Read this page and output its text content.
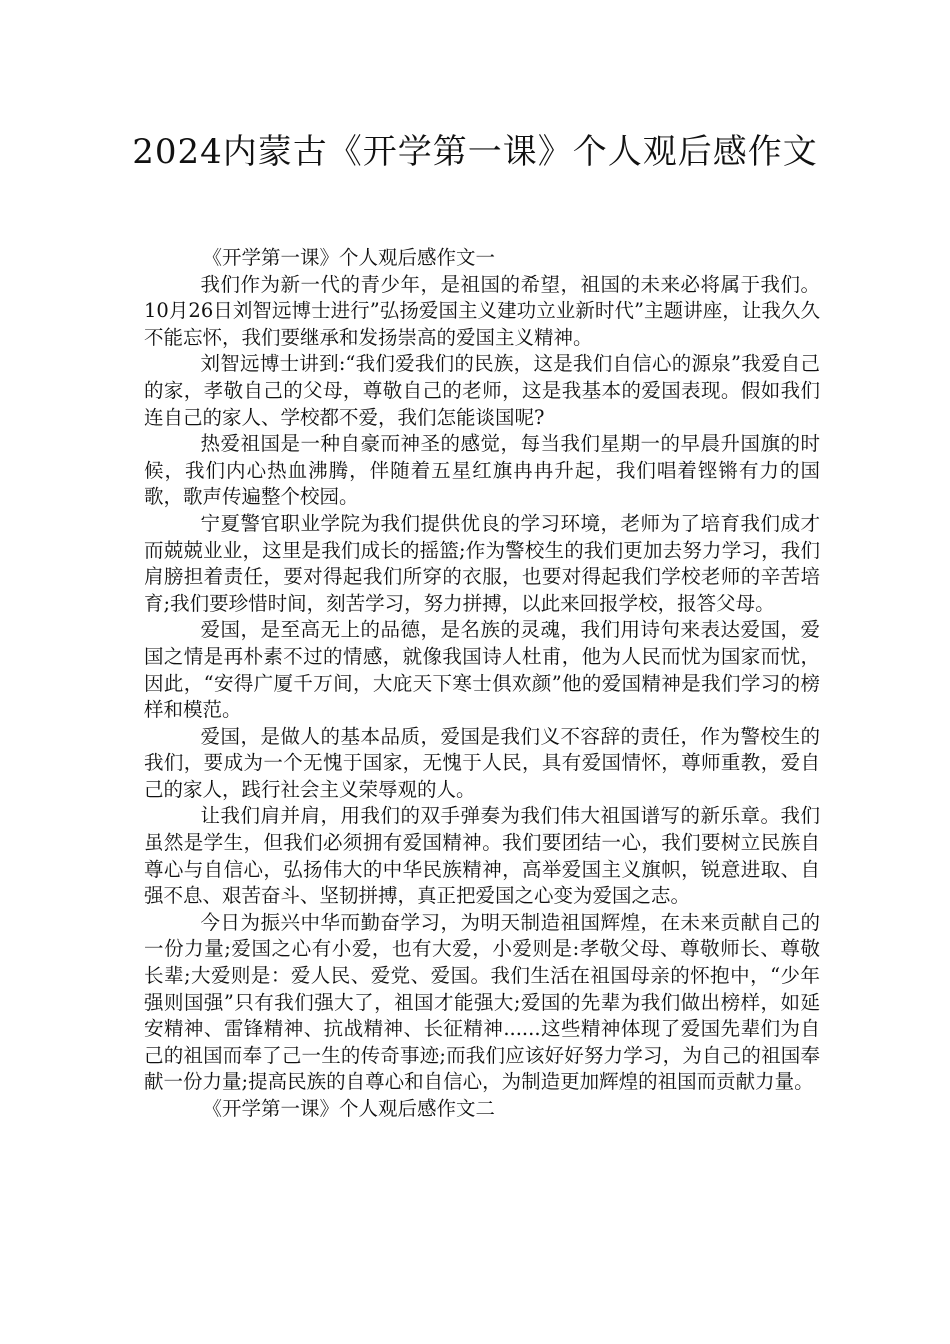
2024内蒙古《开学第一课》个人观后感作文

《开学第一课》个人观后感作文一

我们作为新一代的青少年，是祖国的希望，祖国的未来必将属于我们。10月26日刘智远博士进行”弘扬爱国主义建功立业新时代”主题讲座，让我久久不能忘怀，我们要继承和发扬崇高的爱国主义精神。

刘智远博士讲到:“我们爱我们的民族，这是我们自信心的源泉”我爱自己的家，孝敬自己的父母，尊敬自己的老师，这是我基本的爱国表现。假如我们连自己的家人、学校都不爱，我们怎能谈国呢?

热爱祖国是一种自豪而神圣的感觉，每当我们星期一的早晨升国旗的时候，我们内心热血沸腾，伴随着五星红旗冉冉升起，我们唱着铿锵有力的国歌，歌声传遍整个校园。

宁夏警官职业学院为我们提供优良的学习环境，老师为了培育我们成才而兢兢业业，这里是我们成长的摇篮;作为警校生的我们更加去努力学习，我们肩膀担着责任，要对得起我们所穿的衣服，也要对得起我们学校老师的辛苦培育;我们要珍惜时间，刻苦学习，努力拼搏，以此来回报学校，报答父母。

爱国，是至高无上的品德，是名族的灵魂，我们用诗句来表达爱国，爱国之情是再朴素不过的情感，就像我国诗人杜甫，他为人民而忧为国家而忧，因此，“安得广厦千万间，大庇天下寒士俱欢颜”他的爱国精神是我们学习的榜样和模范。

爱国，是做人的基本品质，爱国是我们义不容辞的责任，作为警校生的我们，要成为一个无愧于国家，无愧于人民，具有爱国情怀，尊师重教，爱自己的家人，践行社会主义荣辱观的人。

让我们肩并肩，用我们的双手弹奏为我们伟大祖国谱写的新乐章。我们虽然是学生，但我们必须拥有爱国精神。我们要团结一心，我们要树立民族自尊心与自信心，弘扬伟大的中华民族精神，高举爱国主义旗帜，锐意进取、自强不息、艰苦奋斗、坚韧拼搏，真正把爱国之心变为爱国之志。

今日为振兴中华而勤奋学习，为明天制造祖国辉煌，在未来贡献自己的一份力量;爱国之心有小爱，也有大爱，小爱则是:孝敬父母、尊敬师长、尊敬长辈;大爱则是：爱人民、爱党、爱国。我们生活在祖国母亲的怀抱中，“少年强则国强”只有我们强大了，祖国才能强大;爱国的先辈为我们做出榜样，如延安精神、雷锋精神、抗战精神、长征精神......这些精神体现了爱国先辈们为自己的祖国而奉了己一生的传奇事迹;而我们应该好好努力学习，为自己的祖国奉献一份力量;提高民族的自尊心和自信心，为制造更加辉煌的祖国而贡献力量。

《开学第一课》个人观后感作文二
